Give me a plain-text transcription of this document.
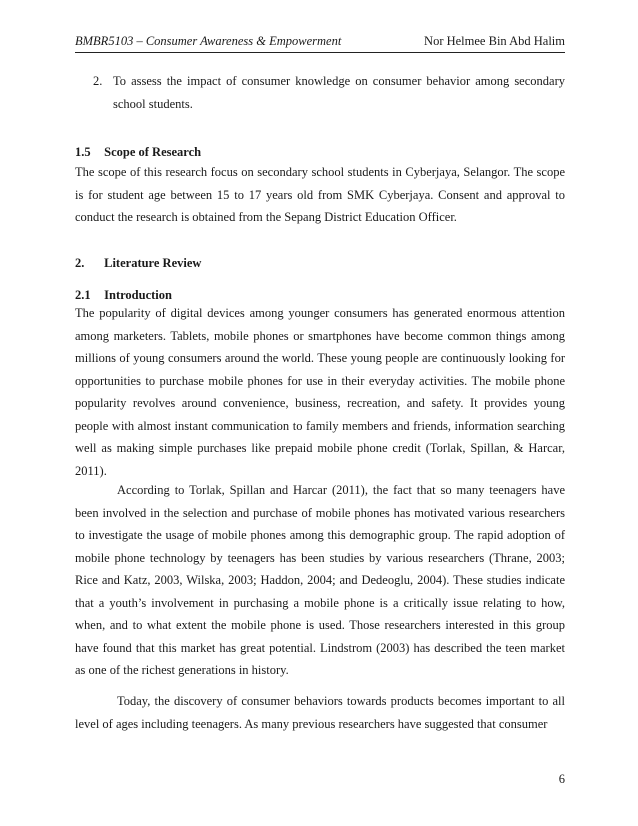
BMBR5103 – Consumer Awareness & Empowerment	Nor Helmee Bin Abd Halim
2. To assess the impact of consumer knowledge on consumer behavior among secondary school students.
1.5 Scope of Research
The scope of this research focus on secondary school students in Cyberjaya, Selangor. The scope is for student age between 15 to 17 years old from SMK Cyberjaya. Consent and approval to conduct the research is obtained from the Sepang District Education Officer.
2. Literature Review
2.1 Introduction
The popularity of digital devices among younger consumers has generated enormous attention among marketers. Tablets, mobile phones or smartphones have become common things among millions of young consumers around the world. These young people are continuously looking for opportunities to purchase mobile phones for use in their everyday activities. The mobile phone popularity revolves around convenience, business, recreation, and safety. It provides young people with almost instant communication to family members and friends, information searching well as making simple purchases like prepaid mobile phone credit (Torlak, Spillan, & Harcar, 2011).
According to Torlak, Spillan and Harcar (2011), the fact that so many teenagers have been involved in the selection and purchase of mobile phones has motivated various researchers to investigate the usage of mobile phones among this demographic group. The rapid adoption of mobile phone technology by teenagers has been studies by various researchers (Thrane, 2003; Rice and Katz, 2003, Wilska, 2003; Haddon, 2004; and Dedeoglu, 2004). These studies indicate that a youth’s involvement in purchasing a mobile phone is a critically issue relating to how, when, and to what extent the mobile phone is used. Those researchers interested in this group have found that this market has great potential. Lindstrom (2003) has described the teen market as one of the richest generations in history.
Today, the discovery of consumer behaviors towards products becomes important to all level of ages including teenagers. As many previous researchers have suggested that consumer
6
